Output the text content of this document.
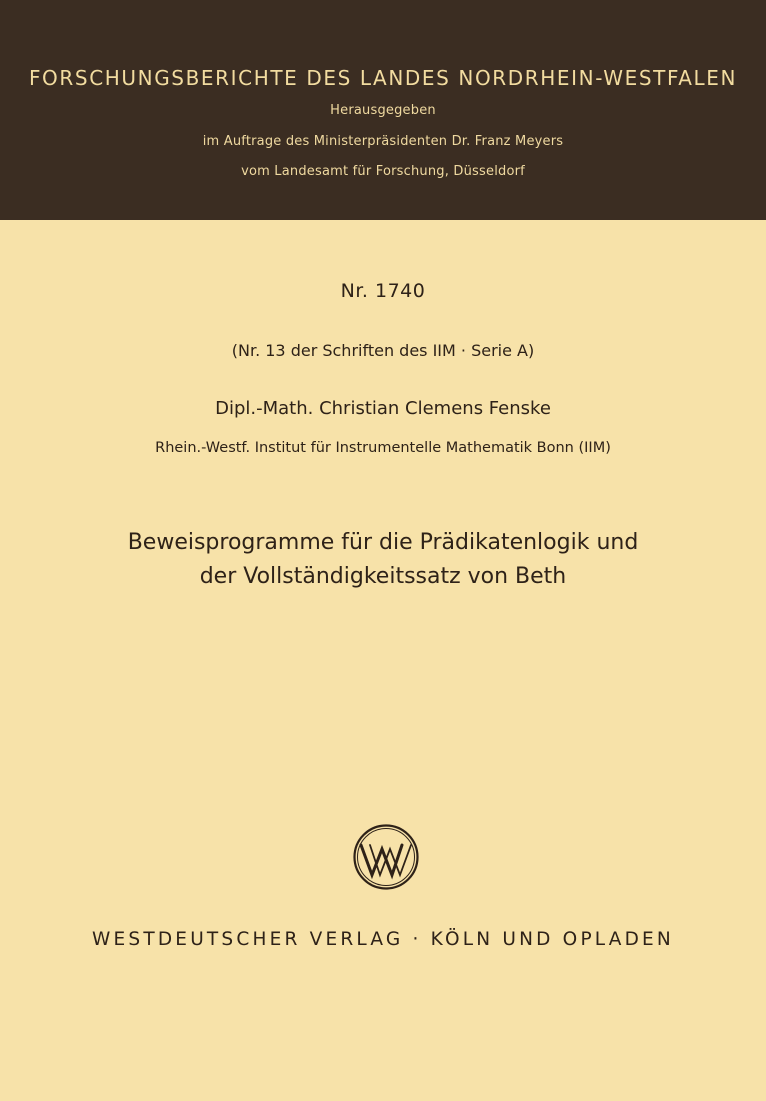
FORSCHUNGSBERICHTE DES LANDES NORDRHEIN-WESTFALEN
Herausgegeben
im Auftrage des Ministerpräsidenten Dr. Franz Meyers
vom Landesamt für Forschung, Düsseldorf
Nr. 1740
(Nr. 13 der Schriften des IIM · Serie A)
Dipl.-Math. Christian Clemens Fenske
Rhein.-Westf. Institut für Instrumentelle Mathematik Bonn (IIM)
Beweisprogramme für die Prädikatenlogik und
der Vollständigkeitssatz von Beth
WESTDEUTSCHER VERLAG · KÖLN UND OPLADEN
